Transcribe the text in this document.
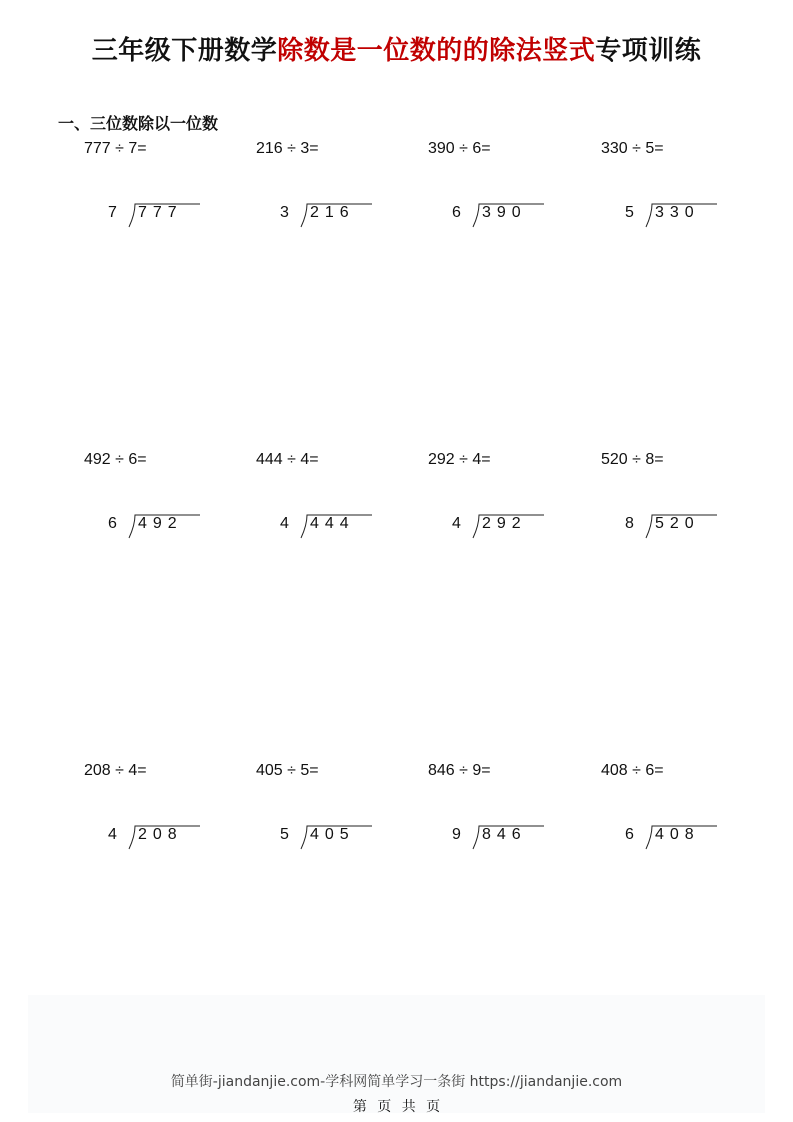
三年级下册数学除数是一位数的的除法竖式专项训练
一、三位数除以一位数
777 ÷ 7=
7 777
216 ÷ 3=
3 216
390 ÷ 6=
6 390
330 ÷ 5=
5 330
492 ÷ 6=
6 492
444 ÷ 4=
4 444
292 ÷ 4=
4 292
520 ÷ 8=
8 520
208 ÷ 4=
4 208
405 ÷ 5=
5 405
846 ÷ 9=
9 846
408 ÷ 6=
6 408
简单街-jiandanjie.com-学科网简单学习一条街 https://jiandanjie.com
第 页 共 页
